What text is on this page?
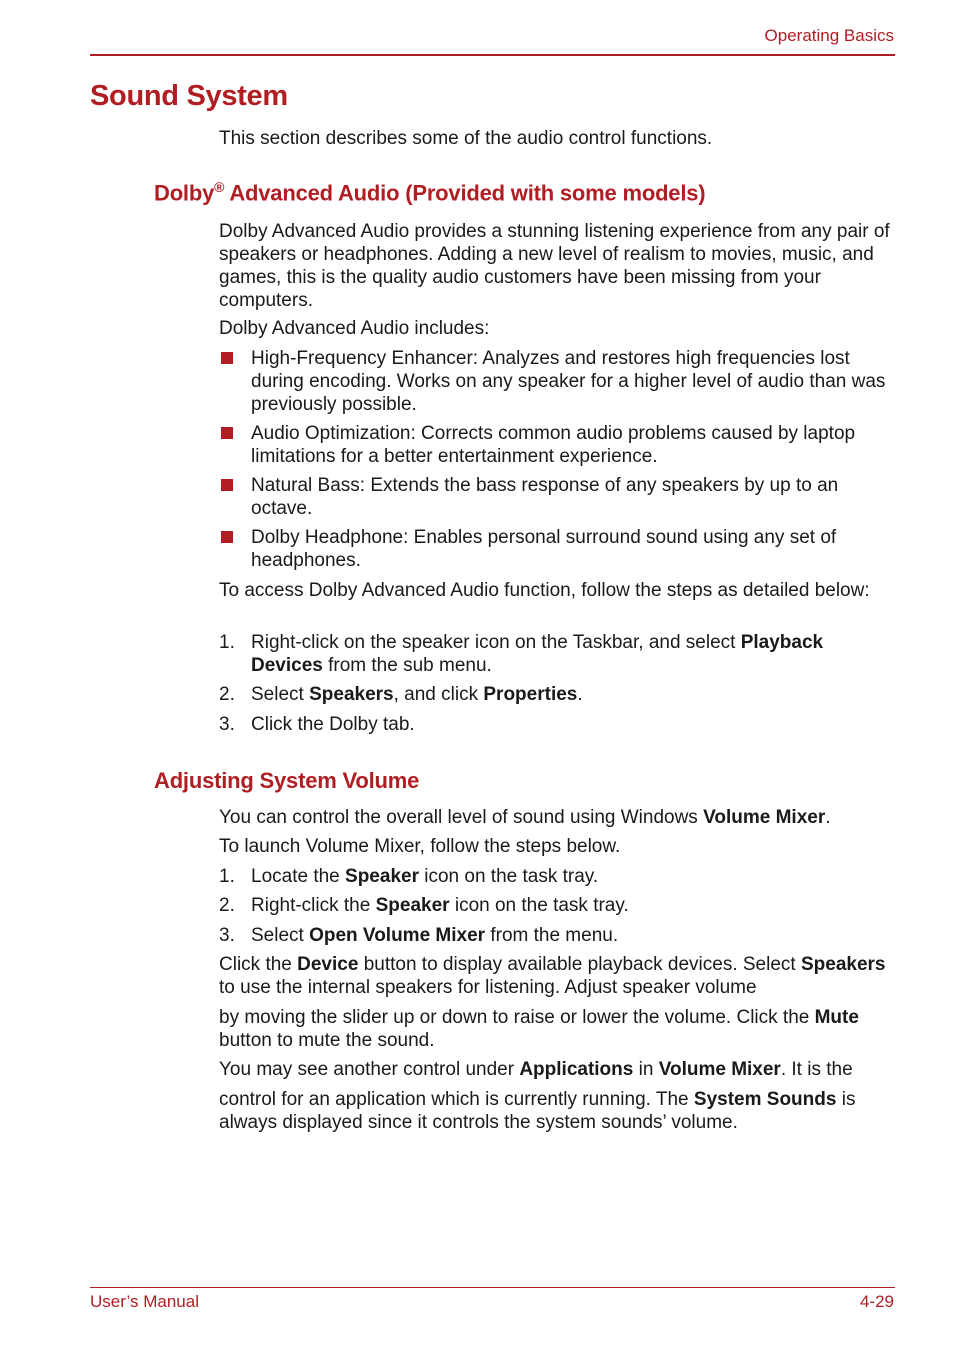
Operating Basics
Sound System

This section describes some of the audio control functions.

Dolby® Advanced Audio (Provided with some models)

Dolby Advanced Audio provides a stunning listening experience from any pair of speakers or headphones. Adding a new level of realism to movies, music, and games, this is the quality audio customers have been missing from your computers.

Dolby Advanced Audio includes:

High-Frequency Enhancer: Analyzes and restores high frequencies lost during encoding. Works on any speaker for a higher level of audio than was previously possible.
Audio Optimization: Corrects common audio problems caused by laptop limitations for a better entertainment experience.
Natural Bass: Extends the bass response of any speakers by up to an octave.
Dolby Headphone: Enables personal surround sound using any set of headphones.

To access Dolby Advanced Audio function, follow the steps as detailed below:

1. Right-click on the speaker icon on the Taskbar, and select Playback Devices from the sub menu.
2. Select Speakers, and click Properties.
3. Click the Dolby tab.
Adjusting System Volume

You can control the overall level of sound using Windows Volume Mixer.

To launch Volume Mixer, follow the steps below.

1. Locate the Speaker icon on the task tray.
2. Right-click the Speaker icon on the task tray.
3. Select Open Volume Mixer from the menu.

Click the Device button to display available playback devices. Select Speakers to use the internal speakers for listening. Adjust speaker volume

by moving the slider up or down to raise or lower the volume. Click the Mute button to mute the sound.

You may see another control under Applications in Volume Mixer. It is the

control for an application which is currently running. The System Sounds is always displayed since it controls the system sounds’ volume.

User’s Manual	4-29
